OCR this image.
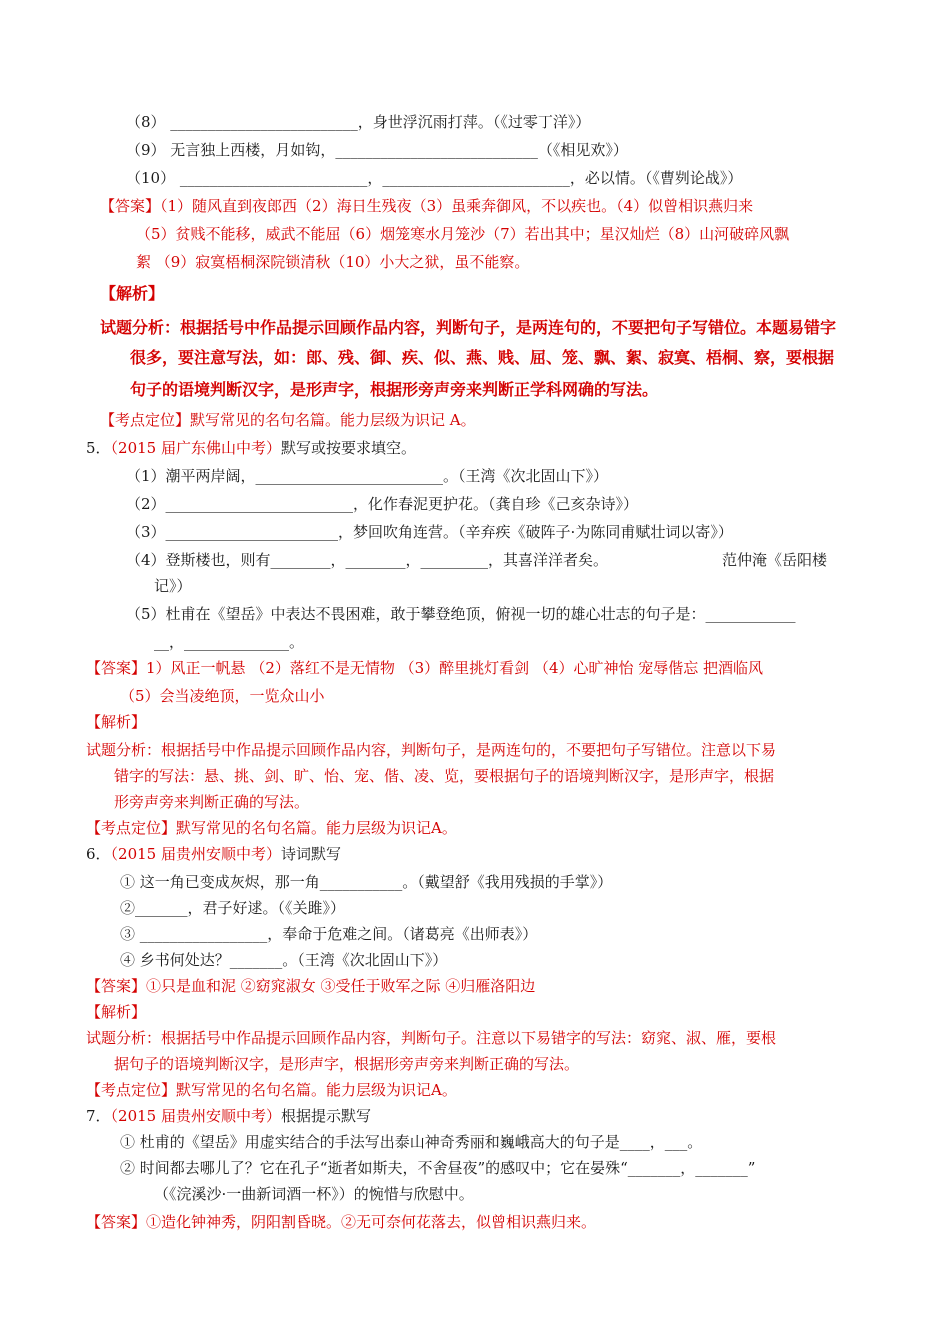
（8） _________________________，身世浮沉雨打萍。（《过零丁洋》）
（9） 无言独上西楼，月如钩，___________________________（《相见欢》）
（10） _________________________，_________________________，必以情。（《曹刿论战》）
【答案】（1）随风直到夜郎西（2）海日生残夜（3）虽乘奔御风，不以疾也。（4）似曾相识燕归来
（5）贫贱不能移，威武不能屈（6）烟笼寒水月笼沙（7）若出其中；星汉灿烂（8）山河破碎风飘
絮 （9）寂寞梧桐深院锁清秋（10）小大之狱，虽不能察。
【解析】
试题分析：根据括号中作品提示回顾作品内容，判断句子，是两连句的，不要把句子写错位。本题易错字
很多，要注意写法，如：郎、残、御、疾、似、燕、贱、屈、笼、飘、絮、寂寞、梧桐、察，要根据
句子的语境判断汉字，是形声字，根据形旁声旁来判断正学科网确的写法。
【考点定位】默写常见的名句名篇。能力层级为识记 A。
5．（2015 届广东佛山中考）默写或按要求填空。
（1）潮平两岸阔，_________________________。（王湾《次北固山下》）
（2）_________________________，化作春泥更护花。（龚自珍《己亥杂诗》）
（3）_______________________，梦回吹角连营。（辛弃疾《破阵子·为陈同甫赋壮词以寄》）
（4）登斯楼也，则有________，________，_________，其喜洋洋者矣。	范仲淹《岳阳楼
记》）
（5）杜甫在《望岳》中表达不畏困难，敢于攀登绝顶，俯视一切的雄心壮志的句子是：____________
__，______________。
【答案】1）风正一帆悬 （2）落红不是无情物 （3）醉里挑灯看剑 （4）心旷神怡 宠辱偕忘 把酒临风
（5）会当凌绝顶，一览众山小
【解析】
试题分析：根据括号中作品提示回顾作品内容，判断句子，是两连句的，不要把句子写错位。注意以下易
错字的写法：悬、挑、剑、旷、怡、宠、偕、凌、览，要根据句子的语境判断汉字，是形声字，根据
形旁声旁来判断正确的写法。
【考点定位】默写常见的名句名篇。能力层级为识记A。
6．（2015 届贵州安顺中考）诗词默写
① 这一角已变成灰烬，那一角___________。（戴望舒《我用残损的手掌》）
②_______，君子好逑。（《关雎》）
③ _________________，奉命于危难之间。（诸葛亮《出师表》）
④ 乡书何处达？_______。（王湾《次北固山下》）
【答案】①只是血和泥 ②窈窕淑女 ③受任于败军之际 ④归雁洛阳边
【解析】
试题分析：根据括号中作品提示回顾作品内容，判断句子。注意以下易错字的写法：窈窕、淑、雁，要根
据句子的语境判断汉字，是形声字，根据形旁声旁来判断正确的写法。
【考点定位】默写常见的名句名篇。能力层级为识记A。
7．（2015 届贵州安顺中考）根据提示默写
① 杜甫的《望岳》用虚实结合的手法写出泰山神奇秀丽和巍峨高大的句子是____，___。
② 时间都去哪儿了？它在孔子“逝者如斯夫，不舍昼夜”的感叹中；它在晏殊“_______，_______”
（《浣溪沙·一曲新词酒一杯》）的惋惜与欣慰中。
【答案】①造化钟神秀，阴阳割昏晓。②无可奈何花落去，似曾相识燕归来。
